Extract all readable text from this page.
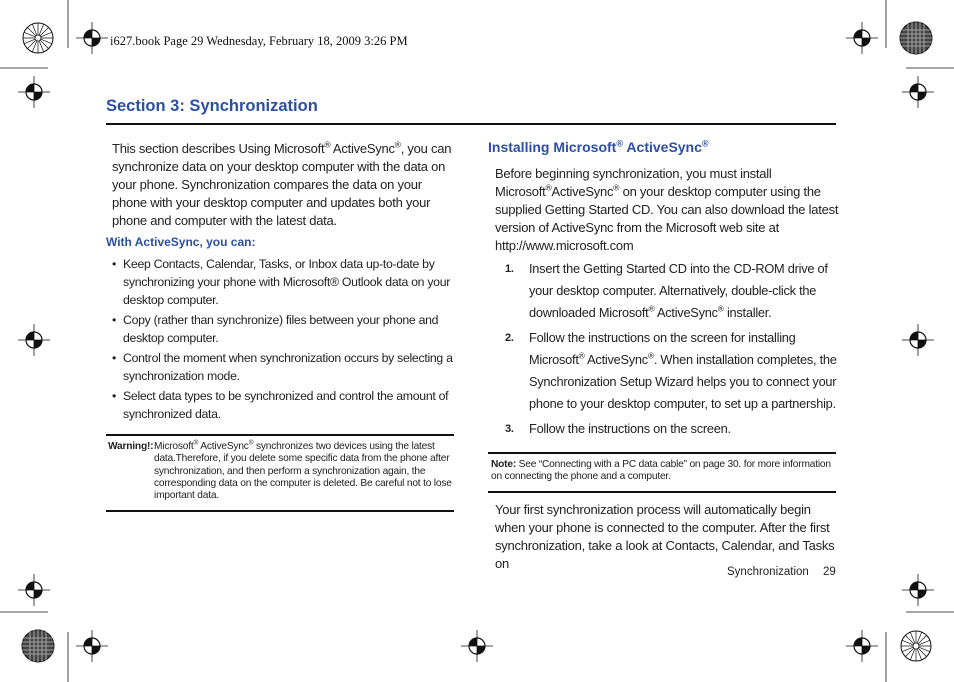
i627.book Page 29 Wednesday, February 18, 2009 3:26 PM
Section 3: Synchronization
This section describes Using Microsoft® ActiveSync®, you can synchronize data on your desktop computer with the data on your phone. Synchronization compares the data on your phone with your desktop computer and updates both your phone and computer with the latest data.
With ActiveSync, you can:
• Keep Contacts, Calendar, Tasks, or Inbox data up-to-date by synchronizing your phone with Microsoft® Outlook data on your desktop computer.
• Copy (rather than synchronize) files between your phone and desktop computer.
• Control the moment when synchronization occurs by selecting a synchronization mode.
• Select data types to be synchronized and control the amount of synchronized data.
Warning!: Microsoft® ActiveSync® synchronizes two devices using the latest data.Therefore, if you delete some specific data from the phone after synchronization, and then perform a synchronization again, the corresponding data on the computer is deleted. Be careful not to lose important data.
Installing Microsoft® ActiveSync®
Before beginning synchronization, you must install Microsoft®ActiveSync® on your desktop computer using the supplied Getting Started CD. You can also download the latest version of ActiveSync from the Microsoft web site at http://www.microsoft.com
1. Insert the Getting Started CD into the CD-ROM drive of your desktop computer. Alternatively, double-click the downloaded Microsoft® ActiveSync® installer.
2. Follow the instructions on the screen for installing Microsoft® ActiveSync®. When installation completes, the Synchronization Setup Wizard helps you to connect your phone to your desktop computer, to set up a partnership.
3. Follow the instructions on the screen.
Note: See “Connecting with a PC data cable” on page 30. for more information on connecting the phone and a computer.
Your first synchronization process will automatically begin when your phone is connected to the computer. After the first synchronization, take a look at Contacts, Calendar, and Tasks on
Synchronization 29
